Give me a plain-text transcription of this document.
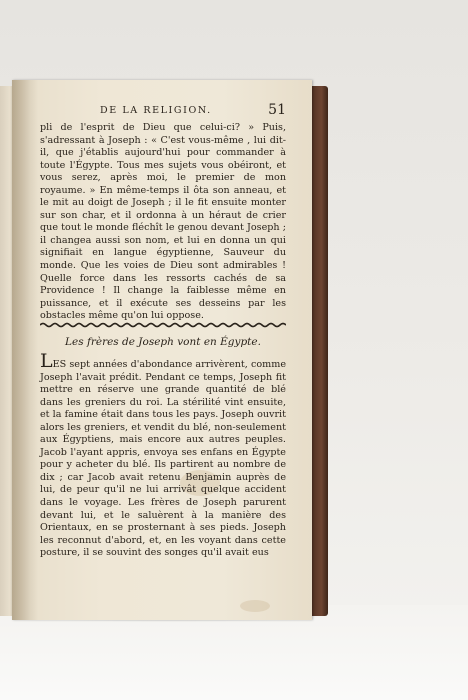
DE LA RELIGION.	51
pli de l'esprit de Dieu que celui-ci? » Puis, s'adressant à Joseph : « C'est vous-même , lui dit-il, que j'établis aujourd'hui pour commander à toute l'Égypte. Tous mes sujets vous obéiront, et vous serez, après moi, le premier de mon royaume. » En même-temps il ôta son anneau, et le mit au doigt de Joseph ; il le fit ensuite monter sur son char, et il ordonna à un héraut de crier que tout le monde fléchît le genou devant Joseph ; il changea aussi son nom, et lui en donna un qui signifiait en langue égyptienne, Sauveur du monde. Que les voies de Dieu sont admirables ! Quelle force dans les ressorts cachés de sa Providence ! Il change la faiblesse même en puissance, et il exécute ses desseins par les obstacles même qu'on lui oppose.
Les frères de Joseph vont en Égypte.
LES sept années d'abondance arrivèrent, comme Joseph l'avait prédit. Pendant ce temps, Joseph fit mettre en réserve une grande quantité de blé dans les greniers du roi. La stérilité vint ensuite, et la famine était dans tous les pays. Joseph ouvrit alors les greniers, et vendit du blé, non-seulement aux Égyptiens, mais encore aux autres peuples. Jacob l'ayant appris, envoya ses enfans en Égypte pour y acheter du blé. Ils partirent au nombre de dix ; car Jacob avait retenu Benjamin auprès de lui, de peur qu'il ne lui arrivât quelque accident dans le voyage. Les frères de Joseph parurent devant lui, et le saluèrent à la manière des Orientaux, en se prosternant à ses pieds. Joseph les reconnut d'abord, et, en les voyant dans cette posture, il se souvint des songes qu'il avait eus
